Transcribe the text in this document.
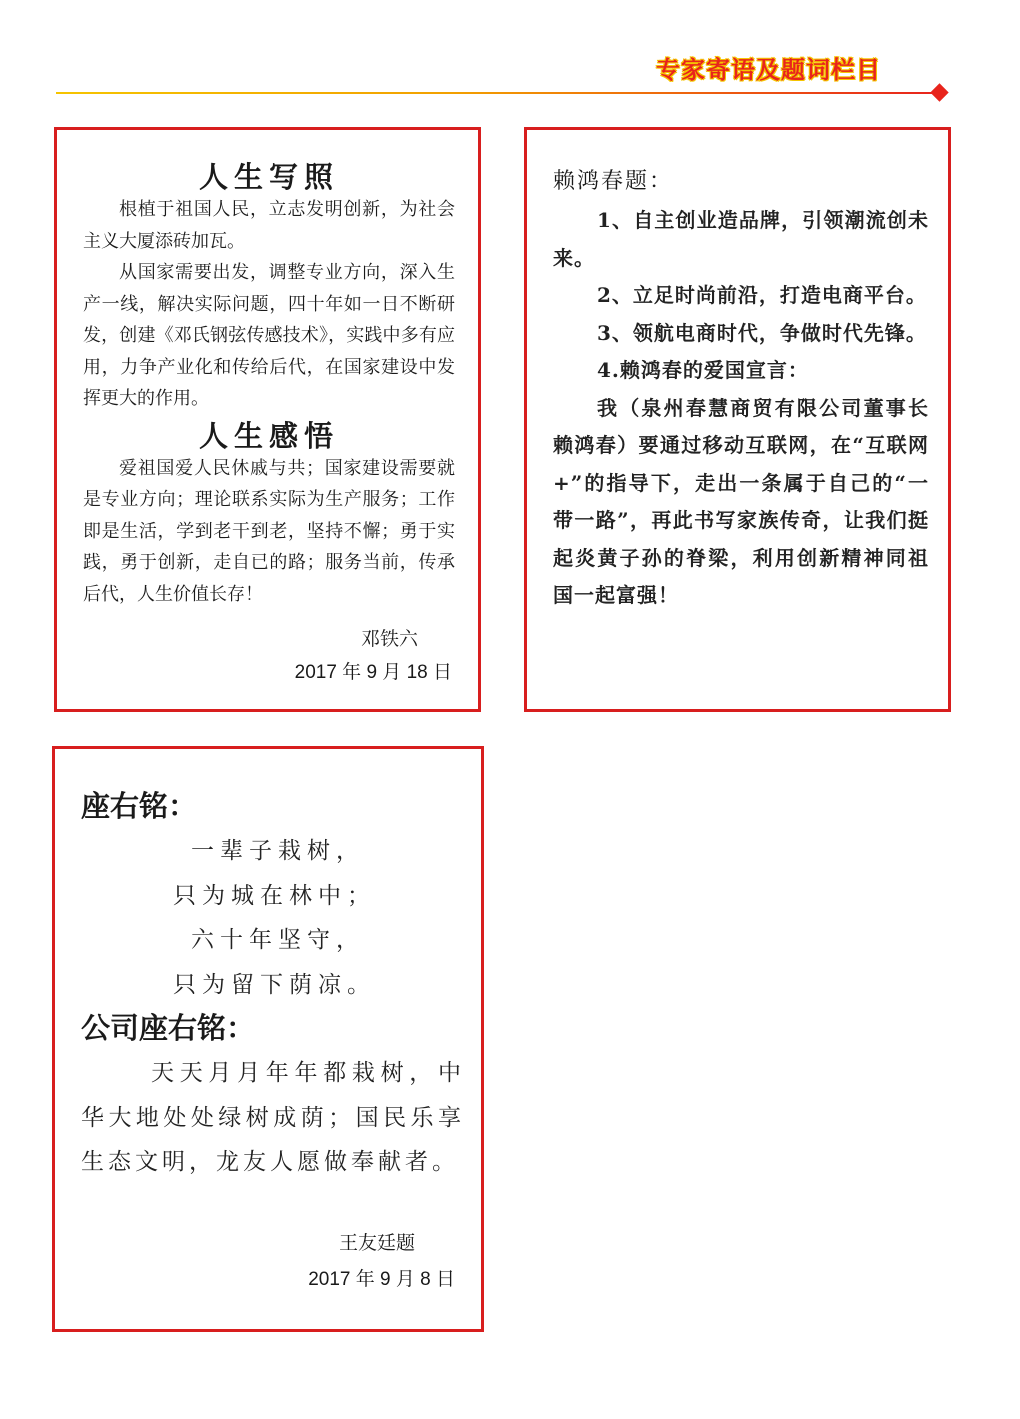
专家寄语及题词栏目
人生写照

根植于祖国人民，立志发明创新，为社会主义大厦添砖加瓦。

从国家需要出发，调整专业方向，深入生产一线，解决实际问题，四十年如一日不断研发，创建《邓氏钢弦传感技术》，实践中多有应用，力争产业化和传给后代，在国家建设中发挥更大的作用。

人生感悟

爱祖国爱人民休戚与共；国家建设需要就是专业方向；理论联系实际为生产服务；工作即是生活，学到老干到老，坚持不懈；勇于实践，勇于创新，走自已的路；服务当前，传承后代，人生价值长存！

邓铁六
2017 年 9 月 18 日
赖鸿春题：

1、自主创业造品牌，引领潮流创未来。

2、立足时尚前沿，打造电商平台。

3、领航电商时代，争做时代先锋。

4.赖鸿春的爱国宣言：

我（泉州春慧商贸有限公司董事长赖鸿春）要通过移动互联网，在“互联网+”的指导下，走出一条属于自己的“一带一路”，再此书写家族传奇，让我们挺起炎黄子孙的脊梁，利用创新精神同祖国一起富强！

座右铭：
一辈子栽树，
只为城在林中；
六十年坚守，
只为留下荫凉。
公司座右铭：

天天月月年年都栽树，中华大地处处绿树成荫；国民乐享生态文明，龙友人愿做奉献者。

王友廷题
2017 年 9 月 8 日
